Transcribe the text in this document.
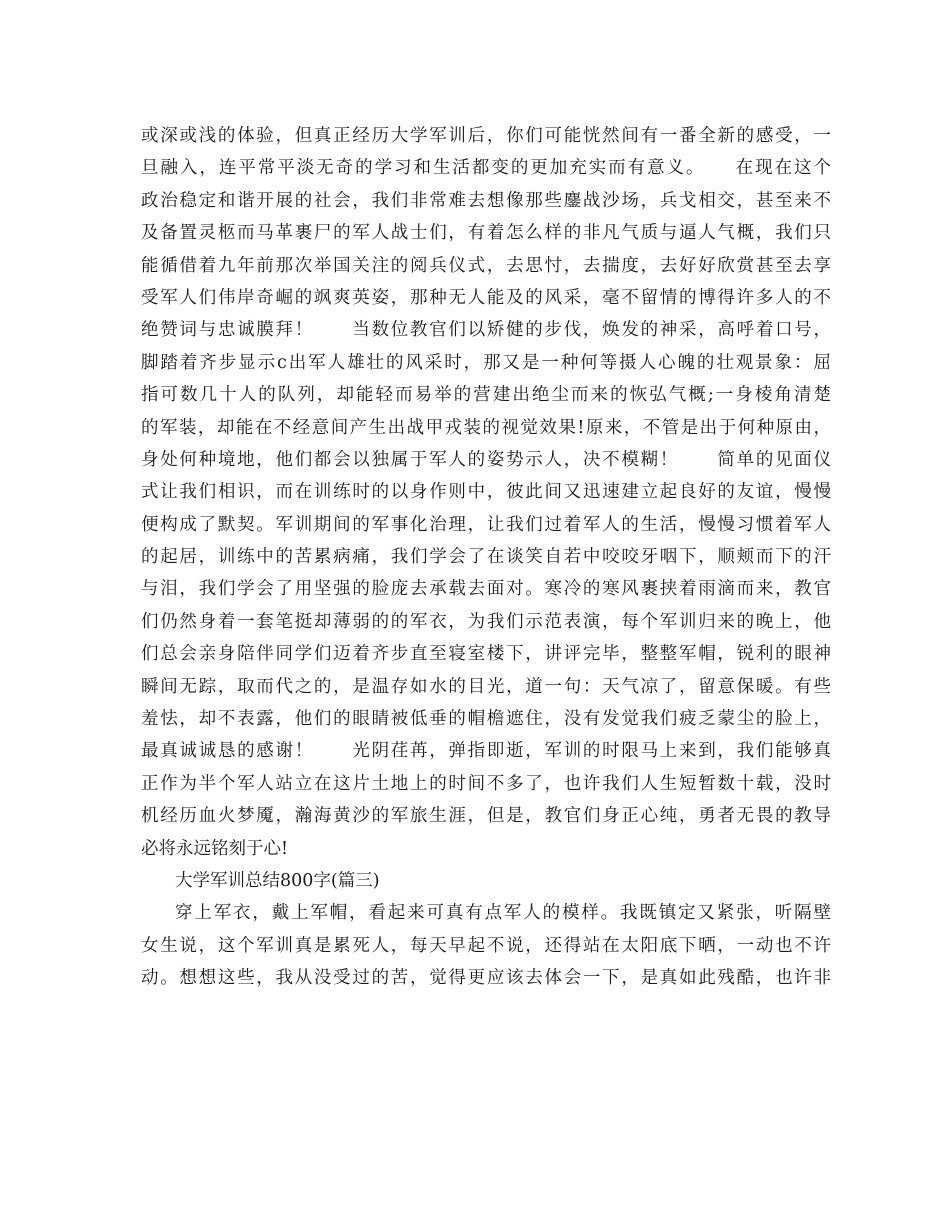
或深或浅的体验，但真正经历大学军训后，你们可能恍然间有一番全新的感受，一
旦融入，连平常平淡无奇的学习和生活都变的更加充实而有意义。　　在现在这个
政治稳定和谐开展的社会，我们非常难去想像那些鏖战沙场，兵戈相交，甚至来不
及备置灵柩而马革裹尸的军人战士们，有着怎么样的非凡气质与逼人气概，我们只
能循借着九年前那次举国关注的阅兵仪式，去思忖，去揣度，去好好欣赏甚至去享
受军人们伟岸奇崛的飒爽英姿，那种无人能及的风采，毫不留情的博得许多人的不
绝赞词与忠诚膜拜！　　当数位教官们以矫健的步伐，焕发的神采，高呼着口号，
脚踏着齐步显示c出军人雄壮的风采时，那又是一种何等摄人心魄的壮观景象：屈
指可数几十人的队列，却能轻而易举的营建出绝尘而来的恢弘气概;一身棱角清楚
的军装，却能在不经意间产生出战甲戎装的视觉效果!原来，不管是出于何种原由，
身处何种境地，他们都会以独属于军人的姿势示人，决不模糊！　　简单的见面仪
式让我们相识，而在训练时的以身作则中，彼此间又迅速建立起良好的友谊，慢慢
便构成了默契。军训期间的军事化治理，让我们过着军人的生活，慢慢习惯着军人
的起居，训练中的苦累病痛，我们学会了在谈笑自若中咬咬牙咽下，顺颊而下的汗
与泪，我们学会了用坚强的脸庞去承载去面对。寒冷的寒风裹挟着雨滴而来，教官
们仍然身着一套笔挺却薄弱的的军衣，为我们示范表演，每个军训归来的晚上，他
们总会亲身陪伴同学们迈着齐步直至寝室楼下，讲评完毕，整整军帽，锐利的眼神
瞬间无踪，取而代之的，是温存如水的目光，道一句：天气凉了，留意保暖。有些
羞怯，却不表露，他们的眼睛被低垂的帽檐遮住，没有发觉我们疲乏蒙尘的脸上，
最真诚诚恳的感谢！　　光阴荏苒，弹指即逝，军训的时限马上来到，我们能够真
正作为半个军人站立在这片土地上的时间不多了，也许我们人生短暂数十载，没时
机经历血火梦魇，瀚海黄沙的军旅生涯，但是，教官们身正心纯，勇者无畏的教导
必将永远铭刻于心!
大学军训总结800字(篇三)
穿上军衣，戴上军帽，看起来可真有点军人的模样。我既镇定又紧张，听隔壁
女生说，这个军训真是累死人，每天早起不说，还得站在太阳底下晒，一动也不许
动。想想这些，我从没受过的苦，觉得更应该去体会一下，是真如此残酷，也许非
